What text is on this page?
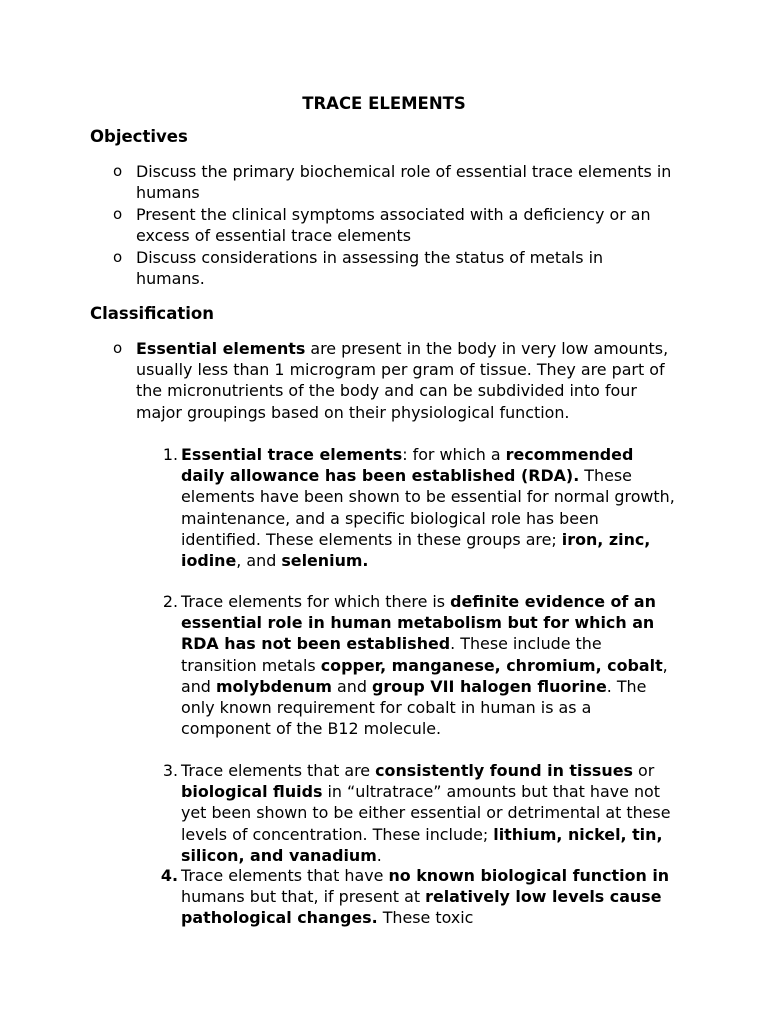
TRACE ELEMENTS
Objectives
o Discuss the primary biochemical role of essential trace elements in humans
o Present the clinical symptoms associated with a deficiency or an excess of essential trace elements
o Discuss considerations in assessing the status of metals in humans.
Classification
o Essential elements are present in the body in very low amounts, usually less than 1 microgram per gram of tissue. They are part of the micronutrients of the body and can be subdivided into four major groupings based on their physiological function.
1. Essential trace elements: for which a recommended daily allowance has been established (RDA). These elements have been shown to be essential for normal growth, maintenance, and a specific biological role has been identified. These elements in these groups are; iron, zinc, iodine, and selenium.
2. Trace elements for which there is definite evidence of an essential role in human metabolism but for which an RDA has not been established. These include the transition metals copper, manganese, chromium, cobalt, and molybdenum and group VII halogen fluorine. The only known requirement for cobalt in human is as a component of the B12 molecule.
3. Trace elements that are consistently found in tissues or biological fluids in “ultratrace” amounts but that have not yet been shown to be either essential or detrimental at these levels of concentration. These include; lithium, nickel, tin, silicon, and vanadium.
4. Trace elements that have no known biological function in humans but that, if present at relatively low levels cause pathological changes. These toxic
